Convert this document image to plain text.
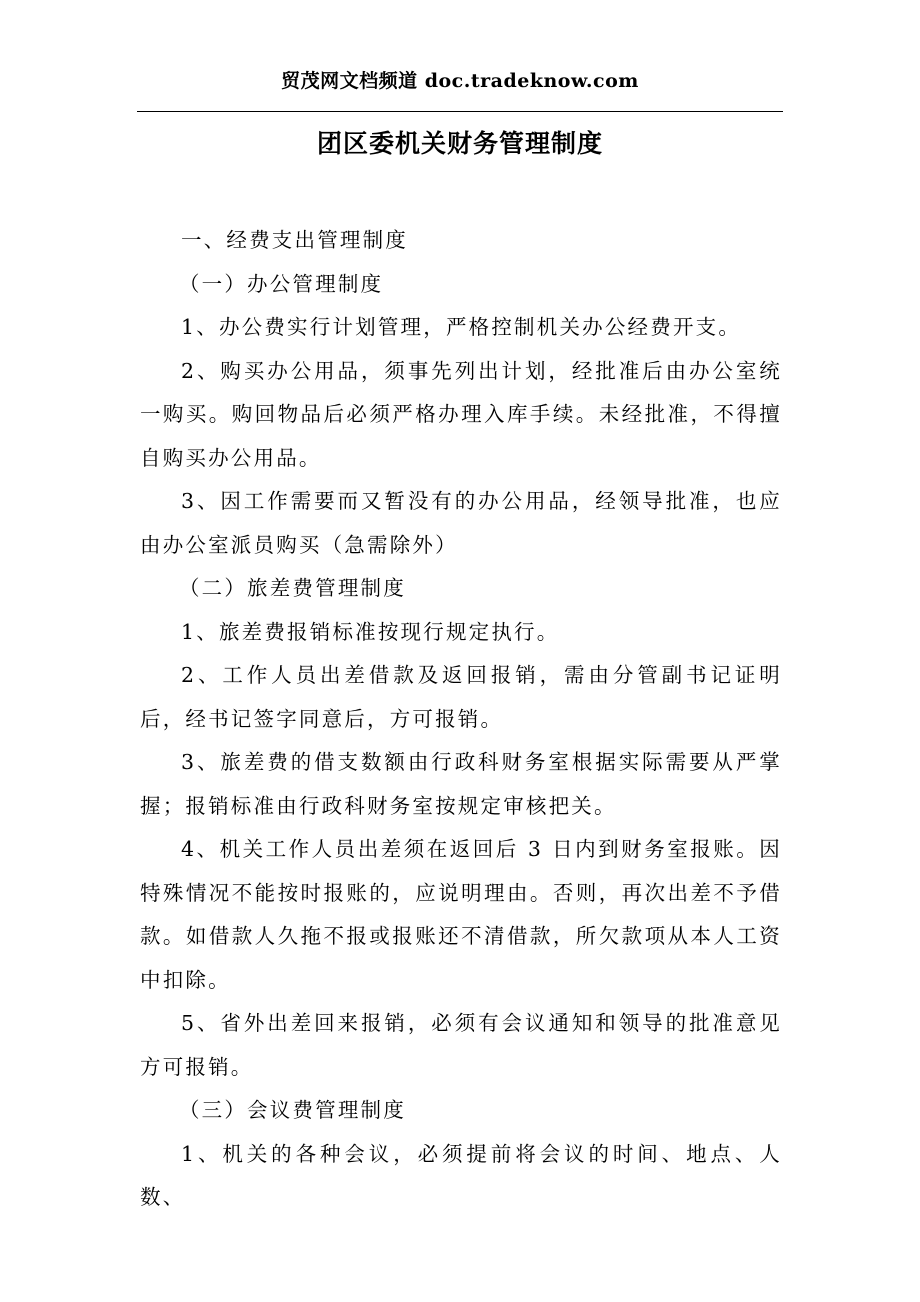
贸茂网文档频道 doc.tradeknow.com
团区委机关财务管理制度

一、经费支出管理制度

（一）办公管理制度

1、办公费实行计划管理，严格控制机关办公经费开支。

2、购买办公用品，须事先列出计划，经批准后由办公室统一购买。购回物品后必须严格办理入库手续。未经批准，不得擅自购买办公用品。

3、因工作需要而又暂没有的办公用品，经领导批准，也应由办公室派员购买（急需除外）

（二）旅差费管理制度

1、旅差费报销标准按现行规定执行。

2、工作人员出差借款及返回报销，需由分管副书记证明后，经书记签字同意后，方可报销。

3、旅差费的借支数额由行政科财务室根据实际需要从严掌握；报销标准由行政科财务室按规定审核把关。

4、机关工作人员出差须在返回后 3 日内到财务室报账。因特殊情况不能按时报账的，应说明理由。否则，再次出差不予借款。如借款人久拖不报或报账还不清借款，所欠款项从本人工资中扣除。

5、省外出差回来报销，必须有会议通知和领导的批准意见方可报销。

（三）会议费管理制度

1、机关的各种会议，必须提前将会议的时间、地点、人数、
